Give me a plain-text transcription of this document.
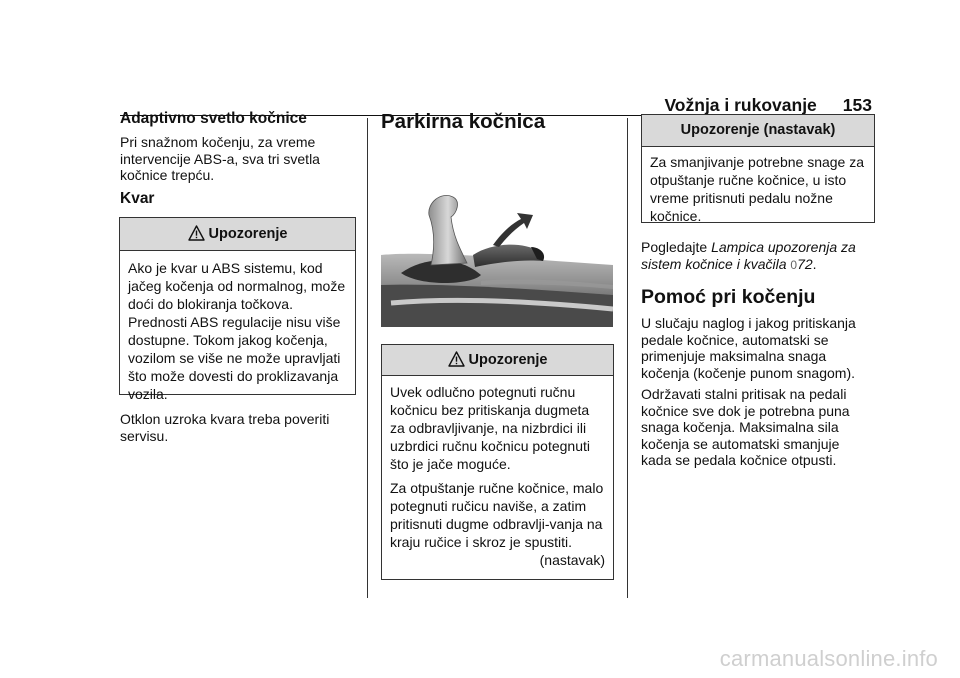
Vožnja i rukovanje 153
Adaptivno svetlo kočnice
Pri snažnom kočenju, za vreme intervencije ABS-a, sva tri svetla kočnice trepću.
Kvar
Upozorenje
Ako je kvar u ABS sistemu, kod jačeg kočenja od normalnog, može doći do blokiranja točkova. Prednosti ABS regulacije nisu više dostupne. Tokom jakog kočenja, vozilom se više ne može upravljati što može dovesti do proklizavanja vozila.
Otklon uzroka kvara treba poveriti servisu.
Parkirna kočnica
Upozorenje

Uvek odlučno potegnuti ručnu kočnicu bez pritiskanja dugmeta za odbravljivanje, na nizbrdici ili uzbrdici ručnu kočnicu potegnuti što je jače moguće.

Za otpuštanje ručne kočnice, malo potegnuti ručicu naviše, a zatim pritisnuti dugme odbravlji-vanja na kraju ručice i skroz je spustiti.

(nastavak)

Upozorenje (nastavak)
Za smanjivanje potrebne snage za otpuštanje ručne kočnice, u isto vreme pritisnuti pedalu nožne kočnice.
Pogledajte Lampica upozorenja za sistem kočnice i kvačila 072.
Pomoć pri kočenju
U slučaju naglog i jakog pritiskanja pedale kočnice, automatski se primenjuje maksimalna snaga kočenja (kočenje punom snagom).
Održavati stalni pritisak na pedali kočnice sve dok je potrebna puna snaga kočenja. Maksimalna sila kočenja se automatski smanjuje kada se pedala kočnice otpusti.
carmanualsonline.info
